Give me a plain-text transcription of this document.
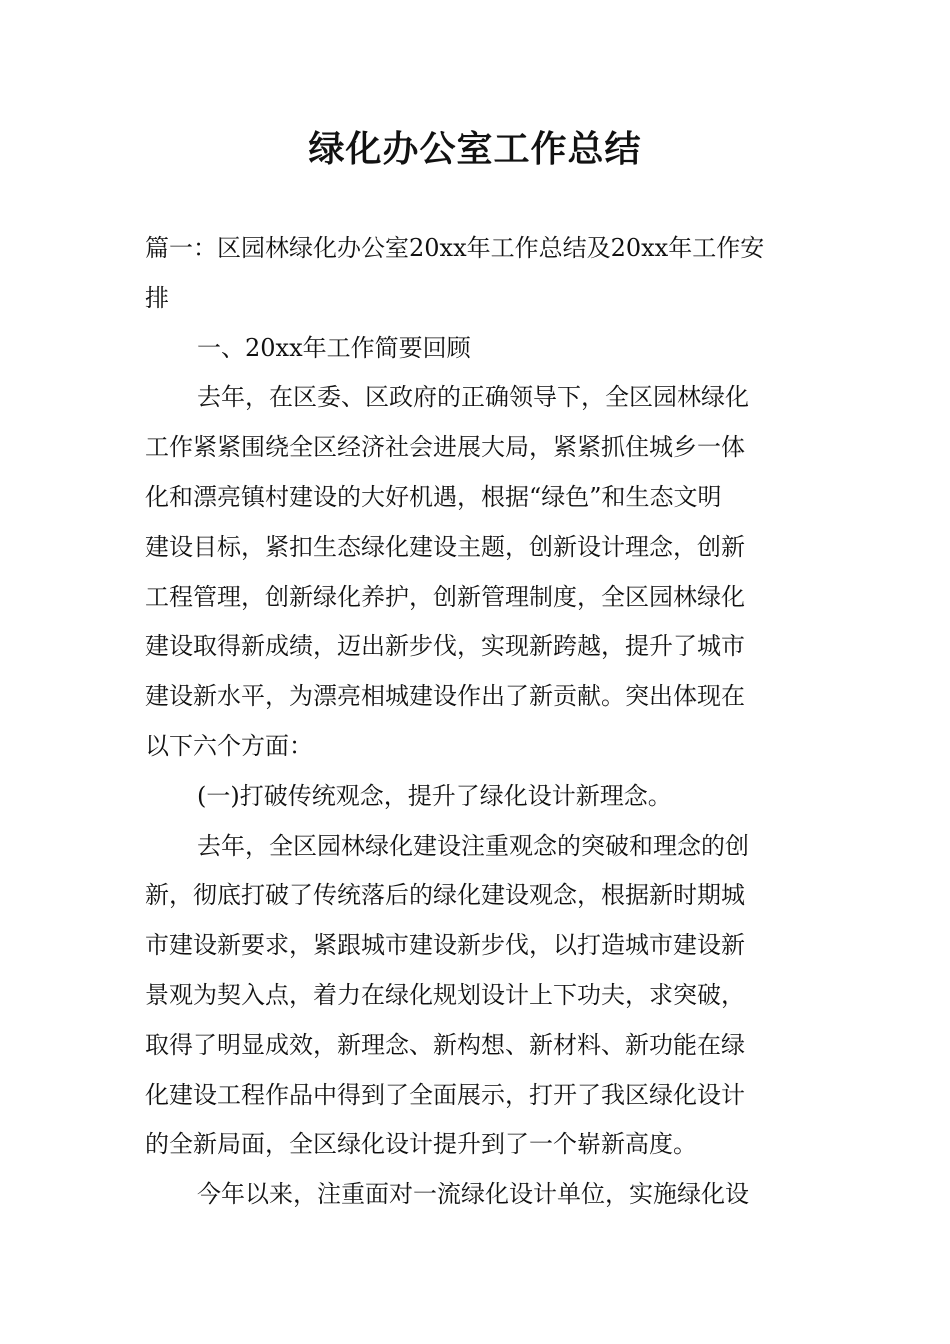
绿化办公室工作总结
篇一：区园林绿化办公室20xx年工作总结及20xx年工作安
排
一、20xx年工作简要回顾
去年，在区委、区政府的正确领导下，全区园林绿化
工作紧紧围绕全区经济社会进展大局，紧紧抓住城乡一体
化和漂亮镇村建设的大好机遇，根据“绿色”和生态文明
建设目标，紧扣生态绿化建设主题，创新设计理念，创新
工程管理，创新绿化养护，创新管理制度，全区园林绿化
建设取得新成绩，迈出新步伐，实现新跨越，提升了城市
建设新水平，为漂亮相城建设作出了新贡献。突出体现在
以下六个方面：
(一)打破传统观念，提升了绿化设计新理念。
去年，全区园林绿化建设注重观念的突破和理念的创
新，彻底打破了传统落后的绿化建设观念，根据新时期城
市建设新要求，紧跟城市建设新步伐，以打造城市建设新
景观为契入点，着力在绿化规划设计上下功夫，求突破，
取得了明显成效，新理念、新构想、新材料、新功能在绿
化建设工程作品中得到了全面展示，打开了我区绿化设计
的全新局面，全区绿化设计提升到了一个崭新高度。
今年以来，注重面对一流绿化设计单位，实施绿化设
